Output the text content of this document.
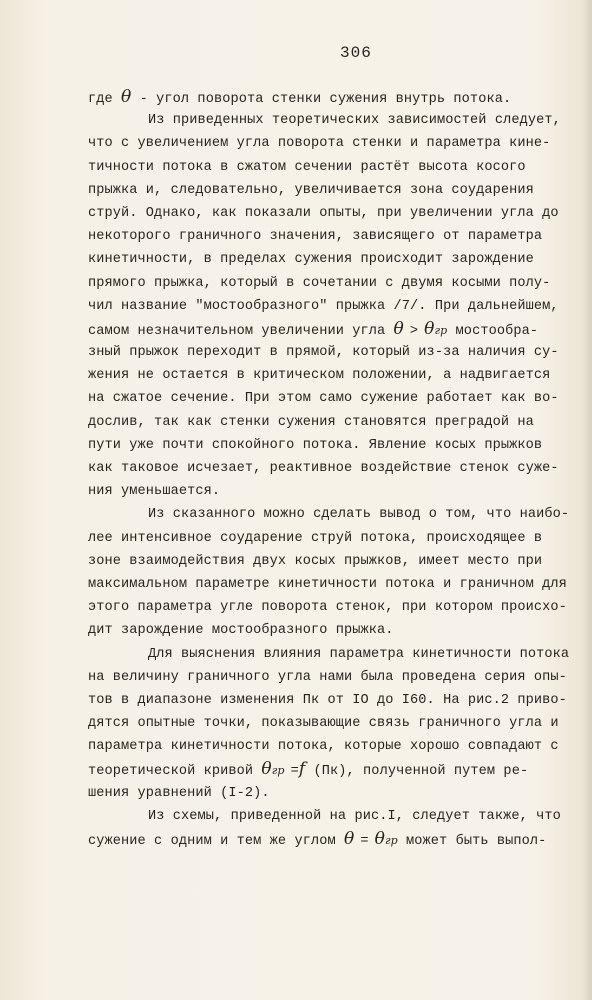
306
где θ - угол поворота стенки сужения внутрь потока.
Из приведенных теоретических зависимостей следует,
что с увеличением угла поворота стенки и параметра кине-
тичности потока в сжатом сечении растёт высота косого
прыжка и, следовательно, увеличивается зона соударения
струй. Однако, как показали опыты, при увеличении угла до
некоторого граничного значения, зависящего от параметра
кинетичности, в пределах сужения происходит зарождение
прямого прыжка, который в сочетании с двумя косыми полу-
чил название "мостообразного" прыжка /7/. При дальнейшем,
самом незначительном увеличении угла θ > θгр мостообра-
зный прыжок переходит в прямой, который из-за наличия су-
жения не остается в критическом положении, а надвигается
на сжатое сечение. При этом само сужение работает как во-
дослив, так как стенки сужения становятся преградой на
пути уже почти спокойного потока. Явление косых прыжков
как таковое исчезает, реактивное воздействие стенок суже-
ния уменьшается.
Из сказанного можно сделать вывод о том, что наибо-
лее интенсивное соударение струй потока, происходящее в
зоне взаимодействия двух косых прыжков, имеет место при
максимальном параметре кинетичности потока и граничном для
этого параметра угле поворота стенок, при котором происхо-
дит зарождение мостообразного прыжка.
Для выяснения влияния параметра кинетичности потока
на величину граничного угла нами была проведена серия опы-
тов в диапазоне изменения Пк от IO до I60. На рис.2 приво-
дятся опытные точки, показывающие связь граничного угла и
параметра кинетичности потока, которые хорошо совпадают с
теоретической кривой θгр =f (Пк), полученной путем ре-
шения уравнений (I-2).
Из схемы, приведенной на рис.I, следует также, что
сужение с одним и тем же углом θ = θгр может быть выпол-
